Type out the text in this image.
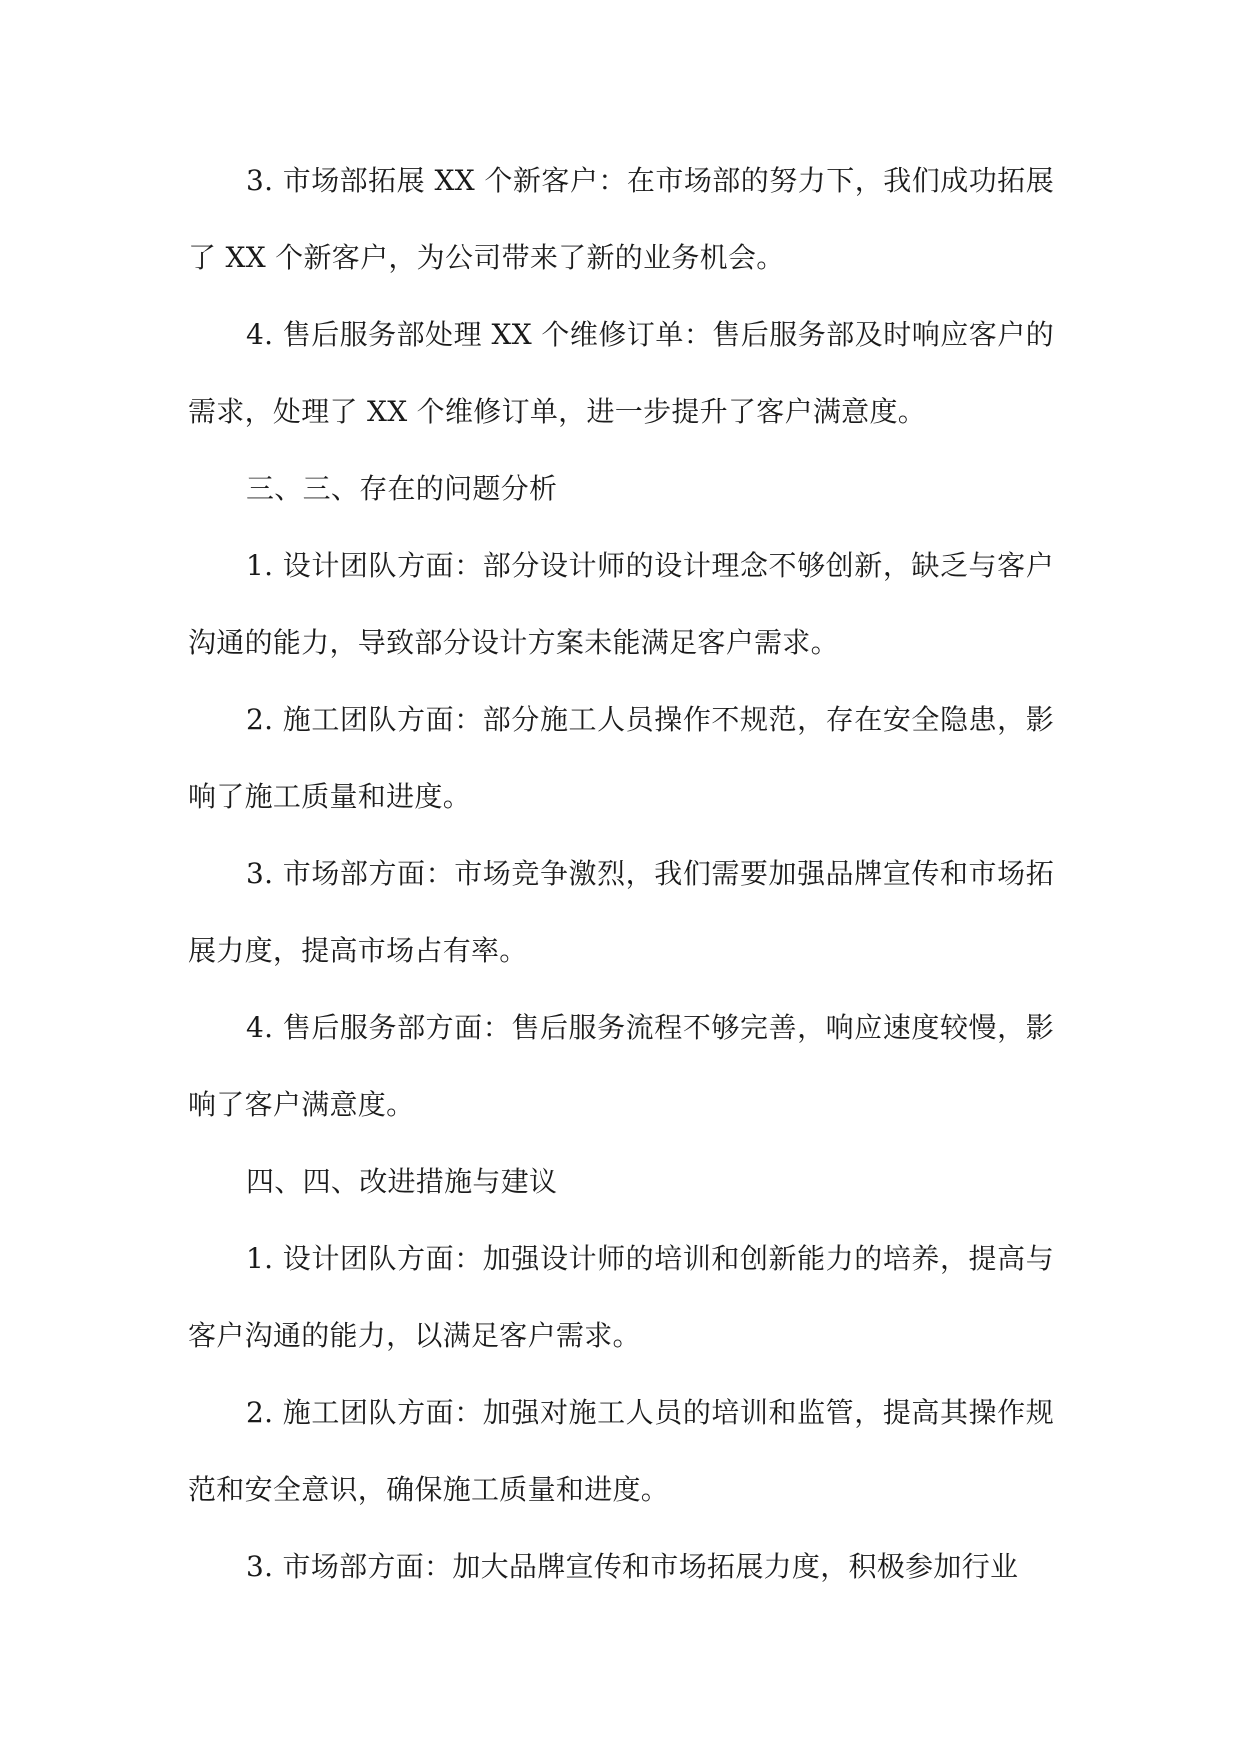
3. 市场部拓展 XX 个新客户：在市场部的努力下，我们成功拓展了 XX 个新客户，为公司带来了新的业务机会。

4. 售后服务部处理 XX 个维修订单：售后服务部及时响应客户的需求，处理了 XX 个维修订单，进一步提升了客户满意度。

三、三、存在的问题分析

1. 设计团队方面：部分设计师的设计理念不够创新，缺乏与客户沟通的能力，导致部分设计方案未能满足客户需求。

2. 施工团队方面：部分施工人员操作不规范，存在安全隐患，影响了施工质量和进度。

3. 市场部方面：市场竞争激烈，我们需要加强品牌宣传和市场拓展力度，提高市场占有率。

4. 售后服务部方面：售后服务流程不够完善，响应速度较慢，影响了客户满意度。

四、四、改进措施与建议

1. 设计团队方面：加强设计师的培训和创新能力的培养，提高与客户沟通的能力，以满足客户需求。

2. 施工团队方面：加强对施工人员的培训和监管，提高其操作规范和安全意识，确保施工质量和进度。

3. 市场部方面：加大品牌宣传和市场拓展力度，积极参加行业
